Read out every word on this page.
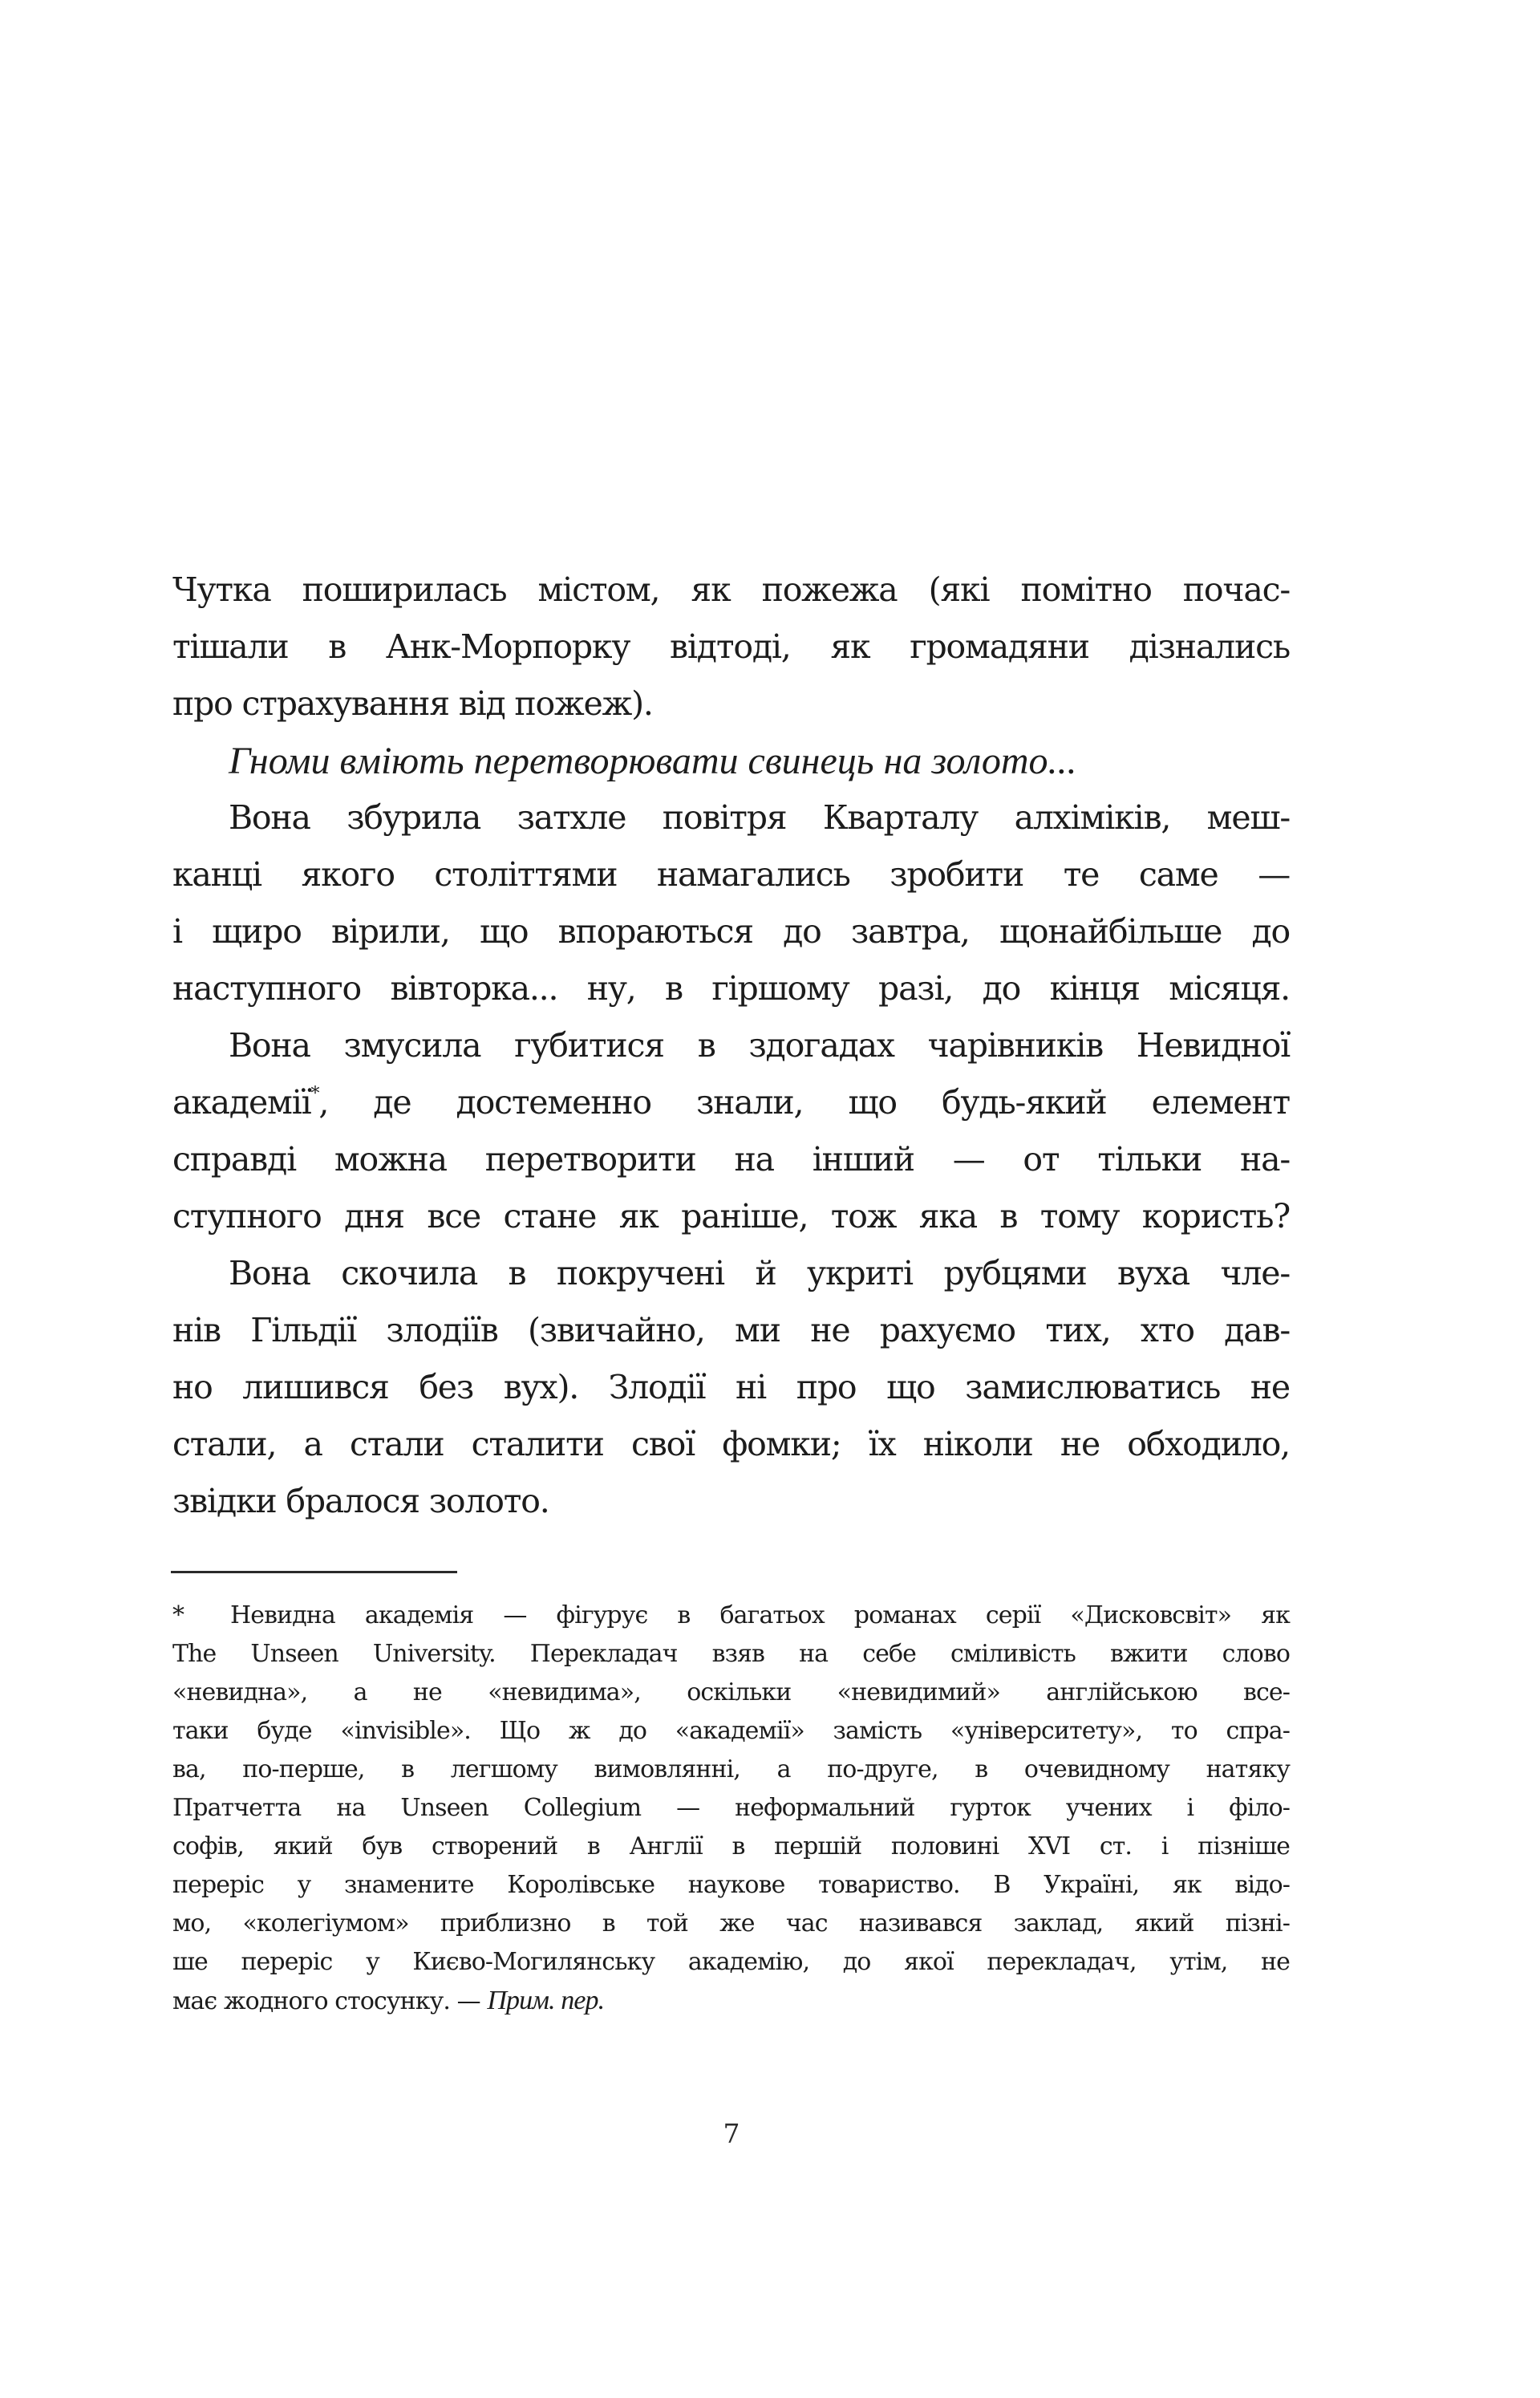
Чутка поширилась містом, як пожежа (які помітно почас-
тішали в Анк-Морпорку відтоді, як громадяни дізнались
про страхування від пожеж).
Гноми вміють перетворювати свинець на золото...
Вона збурила затхле повітря Кварталу алхіміків, меш-
канці якого століттями намагались зробити те саме —
і щиро вірили, що впораються до завтра, щонайбільше до
наступного вівторка... ну, в гіршому разі, до кінця місяця.
Вона змусила губитися в здогадах чарівників Невидної
академії*, де достеменно знали, що будь-який елемент
справді можна перетворити на інший — от тільки на-
ступного дня все стане як раніше, тож яка в тому користь?
Вона скочила в покручені й укриті рубцями вуха чле-
нів Гільдії злодіїв (звичайно, ми не рахуємо тих, хто дав-
но лишився без вух). Злодії ні про що замислюватись не
стали, а стали сталити свої фомки; їх ніколи не обходило,
звідки бралося золото.
* Невидна академія — фігурує в багатьох романах серії «Дисковсвіт» як
The Unseen University. Перекладач взяв на себе сміливість вжити слово
«невидна», а не «невидима», оскільки «невидимий» англійською все-
таки буде «invisible». Що ж до «академії» замість «університету», то спра-
ва, по-перше, в легшому вимовлянні, а по-друге, в очевидному натяку
Пратчетта на Unseen Collegium — неформальний гурток учених і філо-
софів, який був створений в Англії в першій половині XVI ст. і пізніше
переріс у знамените Королівське наукове товариство. В Україні, як відо-
мо, «колегіумом» приблизно в той же час називався заклад, який пізні-
ше переріс у Києво-Могилянську академію, до якої перекладач, утім, не
має жодного стосунку. — Прим. пер.
7
